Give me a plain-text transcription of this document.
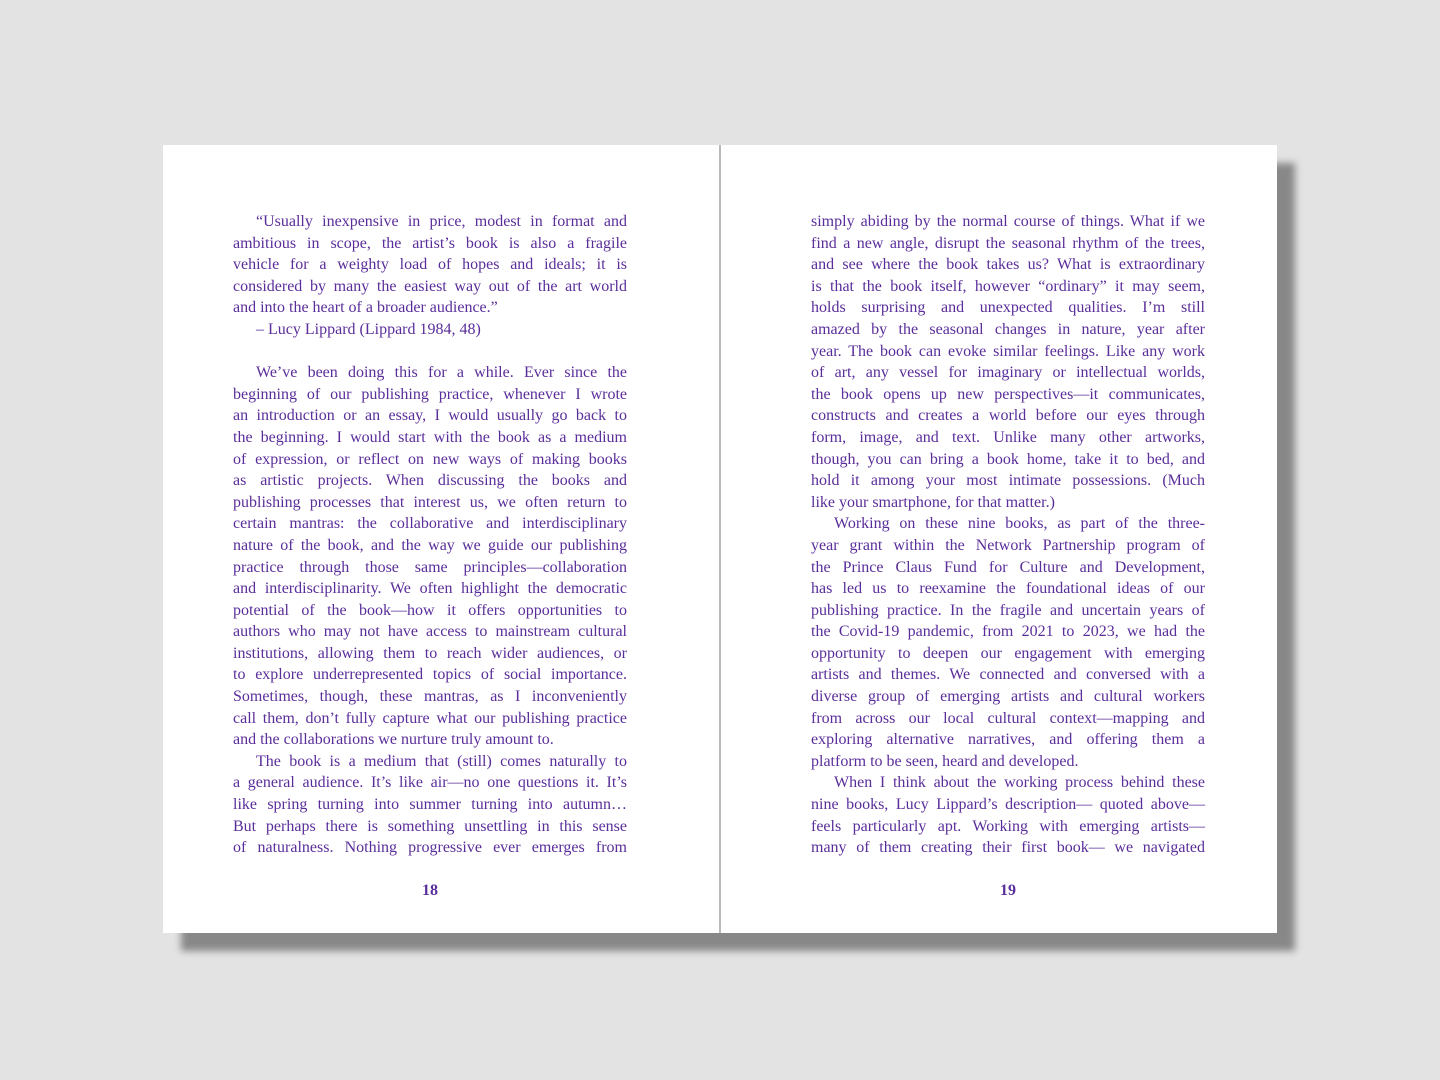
“Usually inexpensive in price, modest in format and
ambitious in scope, the artist’s book is also a fragile
vehicle for a weighty load of hopes and ideals; it is
considered by many the easiest way out of the art world
and into the heart of a broader audience.”
– Lucy Lippard (Lippard 1984, 48)
We’ve been doing this for a while. Ever since the
beginning of our publishing practice, whenever I wrote
an introduction or an essay, I would usually go back to
the beginning. I would start with the book as a medium
of expression, or reflect on new ways of making books
as artistic projects. When discussing the books and
publishing processes that interest us, we often return to
certain mantras: the collaborative and interdisciplinary
nature of the book, and the way we guide our publishing
practice through those same principles—collaboration
and interdisciplinarity. We often highlight the democratic
potential of the book—how it offers opportunities to
authors who may not have access to mainstream cultural
institutions, allowing them to reach wider audiences, or
to explore underrepresented topics of social importance.
Sometimes, though, these mantras, as I inconveniently
call them, don’t fully capture what our publishing practice
and the collaborations we nurture truly amount to.
The book is a medium that (still) comes naturally to
a general audience. It’s like air—no one questions it. It’s
like spring turning into summer turning into autumn…
But perhaps there is something unsettling in this sense
of naturalness. Nothing progressive ever emerges from
18
simply abiding by the normal course of things. What if we
find a new angle, disrupt the seasonal rhythm of the trees,
and see where the book takes us? What is extraordinary
is that the book itself, however “ordinary” it may seem,
holds surprising and unexpected qualities. I’m still
amazed by the seasonal changes in nature, year after
year. The book can evoke similar feelings. Like any work
of art, any vessel for imaginary or intellectual worlds,
the book opens up new perspectives—it communicates,
constructs and creates a world before our eyes through
form, image, and text. Unlike many other artworks,
though, you can bring a book home, take it to bed, and
hold it among your most intimate possessions. (Much
like your smartphone, for that matter.)
Working on these nine books, as part of the three-
year grant within the Network Partnership program of
the Prince Claus Fund for Culture and Development,
has led us to reexamine the foundational ideas of our
publishing practice. In the fragile and uncertain years of
the Covid-19 pandemic, from 2021 to 2023, we had the
opportunity to deepen our engagement with emerging
artists and themes. We connected and conversed with a
diverse group of emerging artists and cultural workers
from across our local cultural context—mapping and
exploring alternative narratives, and offering them a
platform to be seen, heard and developed.
When I think about the working process behind these
nine books, Lucy Lippard’s description— quoted above—
feels particularly apt. Working with emerging artists—
many of them creating their first book— we navigated
19
